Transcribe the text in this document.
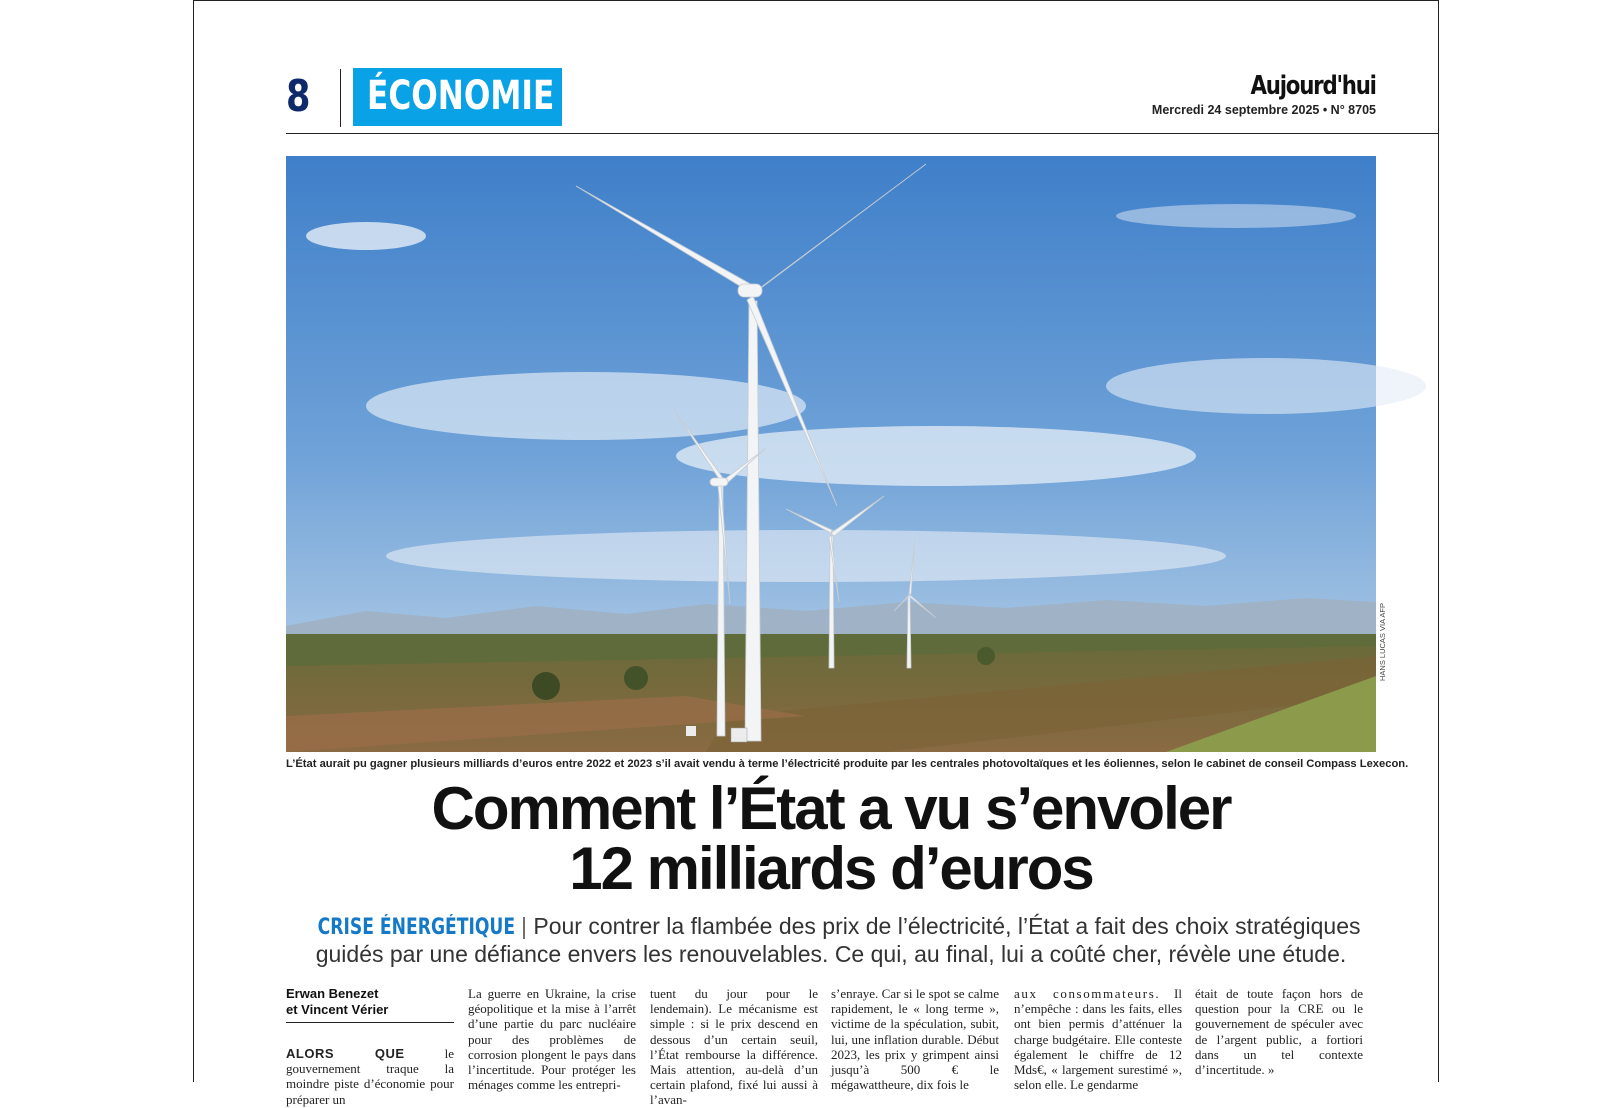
8 ÉCONOMIE	Aujourd'hui
Mercredi 24 septembre 2025 • N° 8705
HANS LUCAS VIA AFP
L’État aurait pu gagner plusieurs milliards d’euros entre 2022 et 2023 s’il avait vendu à terme l’électricité produite par les centrales photovoltaïques et les éoliennes, selon le cabinet de conseil Compass Lexecon.
Comment l’État a vu s’envoler
12 milliards d’euros
CRISE ÉNERGÉTIQUE | Pour contrer la flambée des prix de l’électricité, l’État a fait des choix stratégiques guidés par une défiance envers les renouvelables. Ce qui, au final, lui a coûté cher, révèle une étude.
Erwan Benezet
et Vincent Vérier
ALORS QUE	le gouvernement traque la moindre piste d’économie pour préparer un

La guerre en Ukraine, la crise géopolitique et la mise à l’arrêt d’une partie du parc nucléaire pour des problèmes de corrosion plongent le pays dans l’incertitude. Pour protéger les ménages comme les entrepri-

tuent du jour pour le lendemain). Le mécanisme est simple : si le prix descend en dessous d’un certain seuil, l’État rembourse la différence. Mais attention, au-delà d’un certain plafond, fixé lui aussi à l’avan-

s’enraye. Car si le spot se calme rapidement, le « long terme », victime de la spéculation, subit, lui, une inflation durable. Début 2023, les prix y grimpent ainsi jusqu’à 500 € le mégawattheure, dix fois le

aux consommateurs. Il n’empêche : dans les faits, elles ont bien permis d’atténuer la charge budgétaire. Elle conteste également le chiffre de 12 Mds€, « largement surestimé », selon elle. Le gendarme

était de toute façon hors de question pour la CRE ou le gouvernement de spéculer avec de l’argent public, a fortiori dans un tel contexte d’incertitude. »
